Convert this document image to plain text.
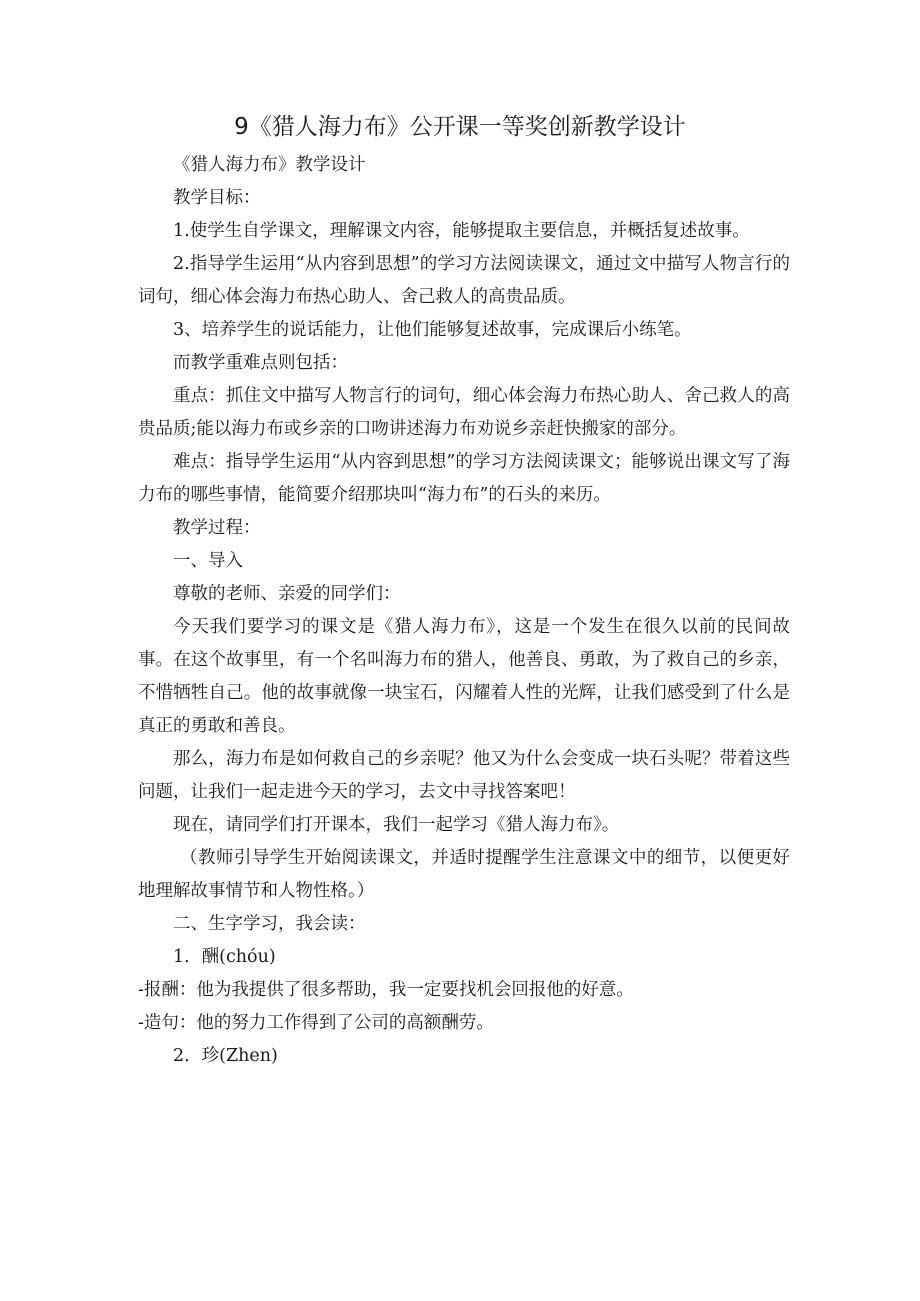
9《猎人海力布》公开课一等奖创新教学设计

《猎人海力布》教学设计

教学目标：

1.使学生自学课文，理解课文内容，能够提取主要信息，并概括复述故事。

2.指导学生运用“从内容到思想”的学习方法阅读课文，通过文中描写人物言行的词句，细心体会海力布热心助人、舍己救人的高贵品质。

3、培养学生的说话能力，让他们能够复述故事，完成课后小练笔。

而教学重难点则包括：

重点：抓住文中描写人物言行的词句，细心体会海力布热心助人、舍己救人的高贵品质;能以海力布或乡亲的口吻讲述海力布劝说乡亲赶快搬家的部分。

难点：指导学生运用“从内容到思想”的学习方法阅读课文；能够说出课文写了海力布的哪些事情，能简要介绍那块叫“海力布”的石头的来历。

教学过程：

一、导入

尊敬的老师、亲爱的同学们：

今天我们要学习的课文是《猎人海力布》，这是一个发生在很久以前的民间故事。在这个故事里，有一个名叫海力布的猎人，他善良、勇敢，为了救自己的乡亲，不惜牺牲自己。他的故事就像一块宝石，闪耀着人性的光辉，让我们感受到了什么是真正的勇敢和善良。

那么，海力布是如何救自己的乡亲呢？他又为什么会变成一块石头呢？带着这些问题，让我们一起走进今天的学习，去文中寻找答案吧！

现在，请同学们打开课本，我们一起学习《猎人海力布》。

（教师引导学生开始阅读课文，并适时提醒学生注意课文中的细节，以便更好地理解故事情节和人物性格。）

二、生字学习，我会读：

1．酬(chóu)

-报酬：他为我提供了很多帮助，我一定要找机会回报他的好意。

-造句：他的努力工作得到了公司的高额酬劳。

2．珍(Zhen)
